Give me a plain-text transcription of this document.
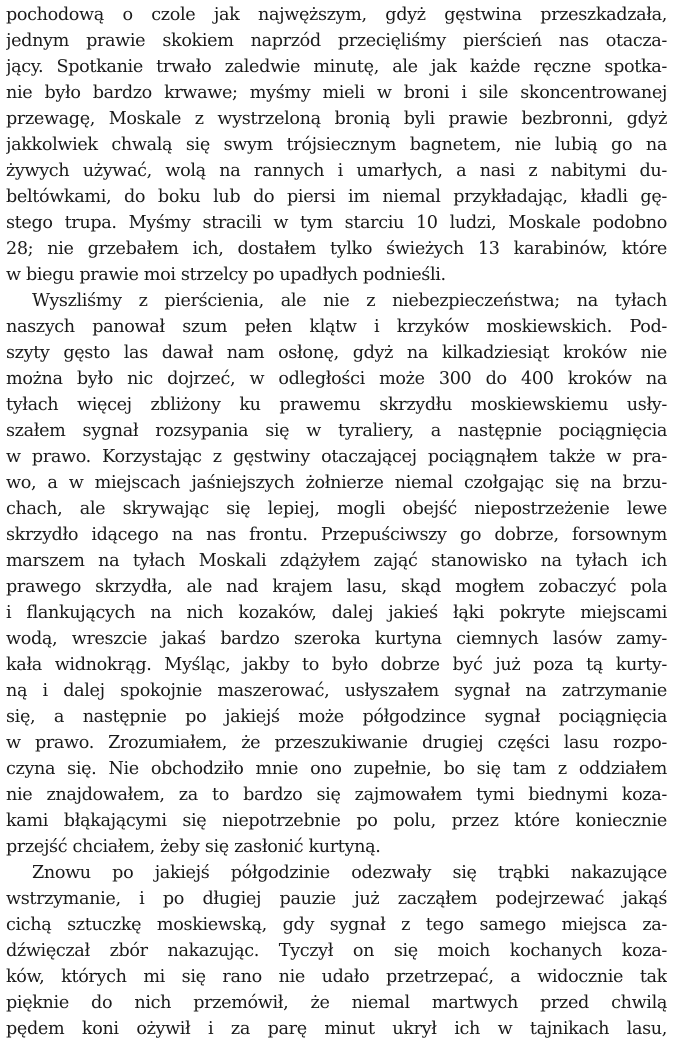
pochodową o czole jak najwęższym, gdyż gęstwina przeszkadzała,
jednym prawie skokiem naprzód przecięliśmy pierścień nas otacza-
jący. Spotkanie trwało zaledwie minutę, ale jak każde ręczne spotka-
nie było bardzo krwawe; myśmy mieli w broni i sile skoncentrowanej
przewagę, Moskale z wystrzeloną bronią byli prawie bezbronni, gdyż
jakkolwiek chwalą się swym trójsiecznym bagnetem, nie lubią go na
żywych używać, wolą na rannych i umarłych, a nasi z nabitymi du-
beltówkami, do boku lub do piersi im niemal przykładając, kładli gę-
stego trupa. Myśmy stracili w tym starciu 10 ludzi, Moskale podobno
28; nie grzebałem ich, dostałem tylko świeżych 13 karabinów, które
w biegu prawie moi strzelcy po upadłych podnieśli.
Wyszliśmy z pierścienia, ale nie z niebezpieczeństwa; na tyłach
naszych panował szum pełen klątw i krzyków moskiewskich. Pod-
szyty gęsto las dawał nam osłonę, gdyż na kilkadziesiąt kroków nie
można było nic dojrzeć, w odległości może 300 do 400 kroków na
tyłach więcej zbliżony ku prawemu skrzydłu moskiewskiemu usły-
szałem sygnał rozsypania się w tyraliery, a następnie pociągnięcia
w prawo. Korzystając z gęstwiny otaczającej pociągnąłem także w pra-
wo, a w miejscach jaśniejszych żołnierze niemal czołgając się na brzu-
chach, ale skrywając się lepiej, mogli obejść niepostrzeżenie lewe
skrzydło idącego na nas frontu. Przepuściwszy go dobrze, forsownym
marszem na tyłach Moskali zdążyłem zająć stanowisko na tyłach ich
prawego skrzydła, ale nad krajem lasu, skąd mogłem zobaczyć pola
i flankujących na nich kozaków, dalej jakieś łąki pokryte miejscami
wodą, wreszcie jakaś bardzo szeroka kurtyna ciemnych lasów zamy-
kała widnokrąg. Myśląc, jakby to było dobrze być już poza tą kurty-
ną i dalej spokojnie maszerować, usłyszałem sygnał na zatrzymanie
się, a następnie po jakiejś może półgodzince sygnał pociągnięcia
w prawo. Zrozumiałem, że przeszukiwanie drugiej części lasu rozpo-
czyna się. Nie obchodziło mnie ono zupełnie, bo się tam z oddziałem
nie znajdowałem, za to bardzo się zajmowałem tymi biednymi koza-
kami błąkającymi się niepotrzebnie po polu, przez które koniecznie
przejść chciałem, żeby się zasłonić kurtyną.
Znowu po jakiejś półgodzinie odezwały się trąbki nakazujące
wstrzymanie, i po długiej pauzie już zacząłem podejrzewać jakąś
cichą sztuczkę moskiewską, gdy sygnał z tego samego miejsca za-
dźwięczał zbór nakazując. Tyczył on się moich kochanych koza-
ków, których mi się rano nie udało przetrzepać, a widocznie tak
pięknie do nich przemówił, że niemal martwych przed chwilą
pędem koni ożywił i za parę minut ukrył ich w tajnikach lasu,
